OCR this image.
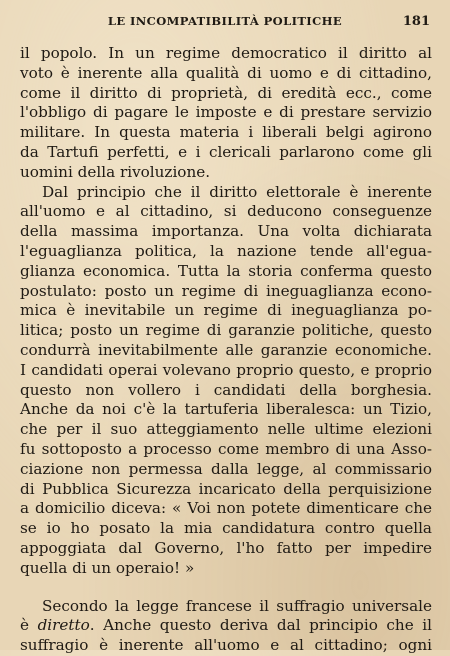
LE INCOMPATIBILITÀ POLITICHE	181

il popolo. In un regime democratico il diritto al
voto è inerente alla qualità di uomo e di cittadino,
come il diritto di proprietà, di eredità ecc., come
l'obbligo di pagare le imposte e di prestare servizio
militare. In questa materia i liberali belgi agirono
da Tartufi perfetti, e i clericali parlarono come gli
uomini della rivoluzione.

Dal principio che il diritto elettorale è inerente
all'uomo e al cittadino, si deducono conseguenze
della massima importanza. Una volta dichiarata
l'eguaglianza politica, la nazione tende all'egua-
glianza economica. Tutta la storia conferma questo
postulato: posto un regime di ineguaglianza econo-
mica è inevitabile un regime di ineguaglianza po-
litica; posto un regime di garanzie politiche, questo
condurrà inevitabilmente alle garanzie economiche.
I candidati operai volevano proprio questo, e proprio
questo non vollero i candidati della borghesia.
Anche da noi c'è la tartuferia liberalesca: un Tizio,
che per il suo atteggiamento nelle ultime elezioni
fu sottoposto a processo come membro di una Asso-
ciazione non permessa dalla legge, al commissario
di Pubblica Sicurezza incaricato della perquisizione
a domicilio diceva: « Voi non potete dimenticare che
se io ho posato la mia candidatura contro quella
appoggiata dal Governo, l'ho fatto per impedire
quella di un operaio! »

Secondo la legge francese il suffragio universale
è diretto. Anche questo deriva dal principio che il
suffragio è inerente all'uomo e al cittadino; ogni
